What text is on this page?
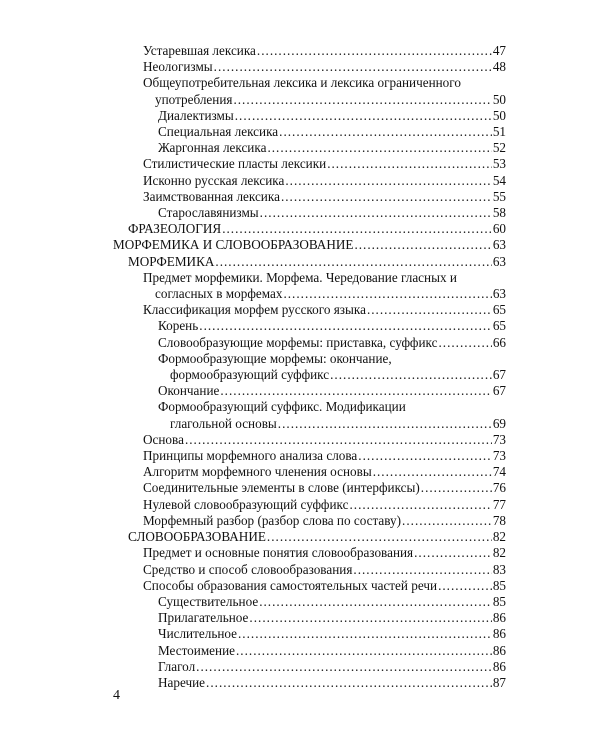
Устаревшая лексика .....	47
Неологизмы .....	48
Общеупотребительная лексика и лексика ограниченного
употребления .....	50
Диалектизмы .....	50
Специальная лексика .....	51
Жаргонная лексика .....	52
Стилистические пласты лексики .....	53
Исконно русская лексика .....	54
Заимствованная лексика .....	55
Старославянизмы .....	58
ФРАЗЕОЛОГИЯ .....	60
МОРФЕМИКА И СЛОВООБРАЗОВАНИЕ .....	63
МОРФЕМИКА .....	63
Предмет морфемики. Морфема. Чередование гласных и
согласных в морфемах .....	63
Классификация морфем русского языка .....	65
Корень .....	65
Словообразующие морфемы: приставка, суффикс .....	66
Формообразующие морфемы: окончание,
формообразующий суффикс .....	67
Окончание .....	67
Формообразующий суффикс. Модификации
глагольной основы .....	69
Основа .....	73
Принципы морфемного анализа слова .....	73
Алгоритм морфемного членения основы .....	74
Соединительные элементы в слове (интерфиксы) .....	76
Нулевой словообразующий суффикс .....	77
Морфемный разбор (разбор слова по составу) .....	78
СЛОВООБРАЗОВАНИЕ .....	82
Предмет и основные понятия словообразования .....	82
Средство и способ словообразования .....	83
Способы образования самостоятельных частей речи .....	85
Существительное .....	85
Прилагательное .....	86
Числительное .....	86
Местоимение .....	86
Глагол .....	86
Наречие .....	87
4
